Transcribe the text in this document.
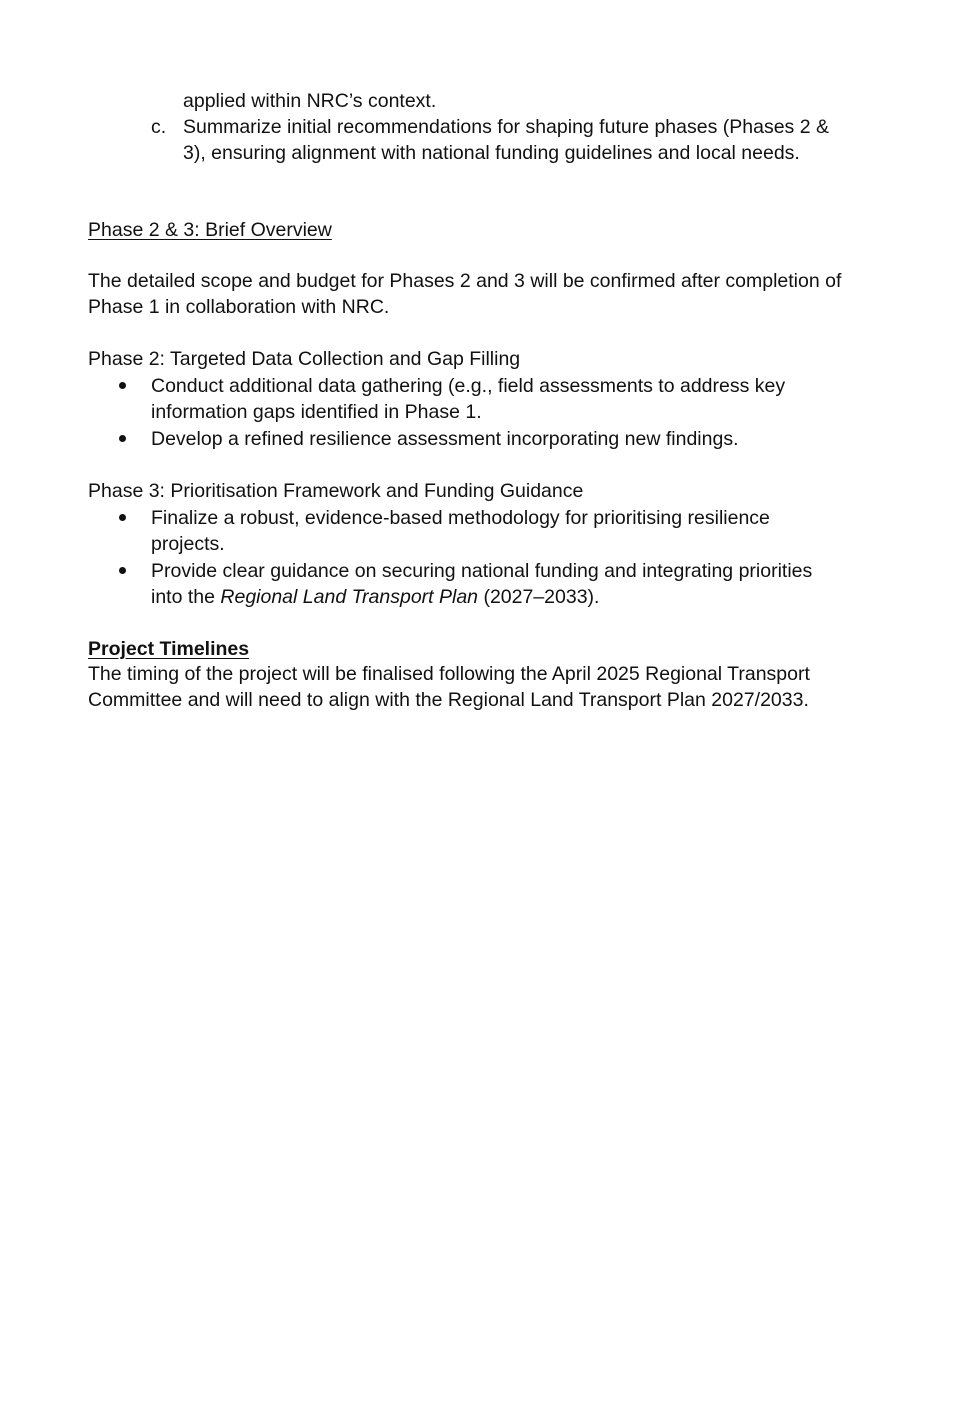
applied within NRC’s context.
c. Summarize initial recommendations for shaping future phases (Phases 2 &
3), ensuring alignment with national funding guidelines and local needs.
Phase 2 & 3: Brief Overview
The detailed scope and budget for Phases 2 and 3 will be confirmed after completion of
Phase 1 in collaboration with NRC.
Phase 2: Targeted Data Collection and Gap Filling
Conduct additional data gathering (e.g., field assessments to address key
information gaps identified in Phase 1.
Develop a refined resilience assessment incorporating new findings.
Phase 3: Prioritisation Framework and Funding Guidance
Finalize a robust, evidence-based methodology for prioritising resilience
projects.
Provide clear guidance on securing national funding and integrating priorities
into the Regional Land Transport Plan (2027–2033).
Project Timelines
The timing of the project will be finalised following the April 2025 Regional Transport
Committee and will need to align with the Regional Land Transport Plan 2027/2033.
